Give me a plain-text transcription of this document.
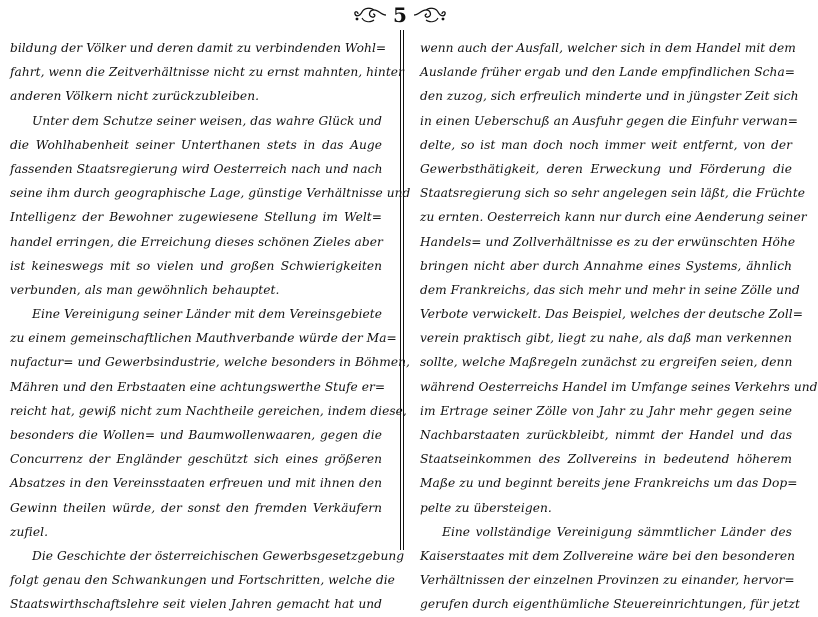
5
bildung der Völker und deren damit zu verbindenden Wohl=
fahrt, wenn die Zeitverhältnisse nicht zu ernst mahnten, hinter
anderen Völkern nicht zurückzubleiben.
Unter dem Schutze seiner weisen, das wahre Glück und
die Wohlhabenheit seiner Unterthanen stets in das Auge
fassenden Staatsregierung wird Oesterreich nach und nach
seine ihm durch geographische Lage, günstige Verhältnisse und
Intelligenz der Bewohner zugewiesene Stellung im Welt=
handel erringen, die Erreichung dieses schönen Zieles aber
ist keineswegs mit so vielen und großen Schwierigkeiten
verbunden, als man gewöhnlich behauptet.
Eine Vereinigung seiner Länder mit dem Vereinsgebiete
zu einem gemeinschaftlichen Mauthverbande würde der Ma=
nufactur= und Gewerbsindustrie, welche besonders in Böhmen,
Mähren und den Erbstaaten eine achtungswerthe Stufe er=
reicht hat, gewiß nicht zum Nachtheile gereichen, indem diese,
besonders die Wollen= und Baumwollenwaaren, gegen die
Concurrenz der Engländer geschützt sich eines größeren
Absatzes in den Vereinsstaaten erfreuen und mit ihnen den
Gewinn theilen würde, der sonst den fremden Verkäufern
zufiel.
Die Geschichte der österreichischen Gewerbsgesetzgebung
folgt genau den Schwankungen und Fortschritten, welche die
Staatswirthschaftslehre seit vielen Jahren gemacht hat und
wenn auch der Ausfall, welcher sich in dem Handel mit dem
Auslande früher ergab und den Lande empfindlichen Scha=
den zuzog, sich erfreulich minderte und in jüngster Zeit sich
in einen Ueberschuß an Ausfuhr gegen die Einfuhr verwan=
delte, so ist man doch noch immer weit entfernt, von der
Gewerbsthätigkeit, deren Erweckung und Förderung die
Staatsregierung sich so sehr angelegen sein läßt, die Früchte
zu ernten. Oesterreich kann nur durch eine Aenderung seiner
Handels= und Zollverhältnisse es zu der erwünschten Höhe
bringen nicht aber durch Annahme eines Systems, ähnlich
dem Frankreichs, das sich mehr und mehr in seine Zölle und
Verbote verwickelt. Das Beispiel, welches der deutsche Zoll=
verein praktisch gibt, liegt zu nahe, als daß man verkennen
sollte, welche Maßregeln zunächst zu ergreifen seien, denn
während Oesterreichs Handel im Umfange seines Verkehrs und
im Ertrage seiner Zölle von Jahr zu Jahr mehr gegen seine
Nachbarstaaten zurückbleibt, nimmt der Handel und das
Staatseinkommen des Zollvereins in bedeutend höherem
Maße zu und beginnt bereits jene Frankreichs um das Dop=
pelte zu übersteigen.
Eine vollständige Vereinigung sämmtlicher Länder des
Kaiserstaates mit dem Zollvereine wäre bei den besonderen
Verhältnissen der einzelnen Provinzen zu einander, hervor=
gerufen durch eigenthümliche Steuereinrichtungen, für jetzt
